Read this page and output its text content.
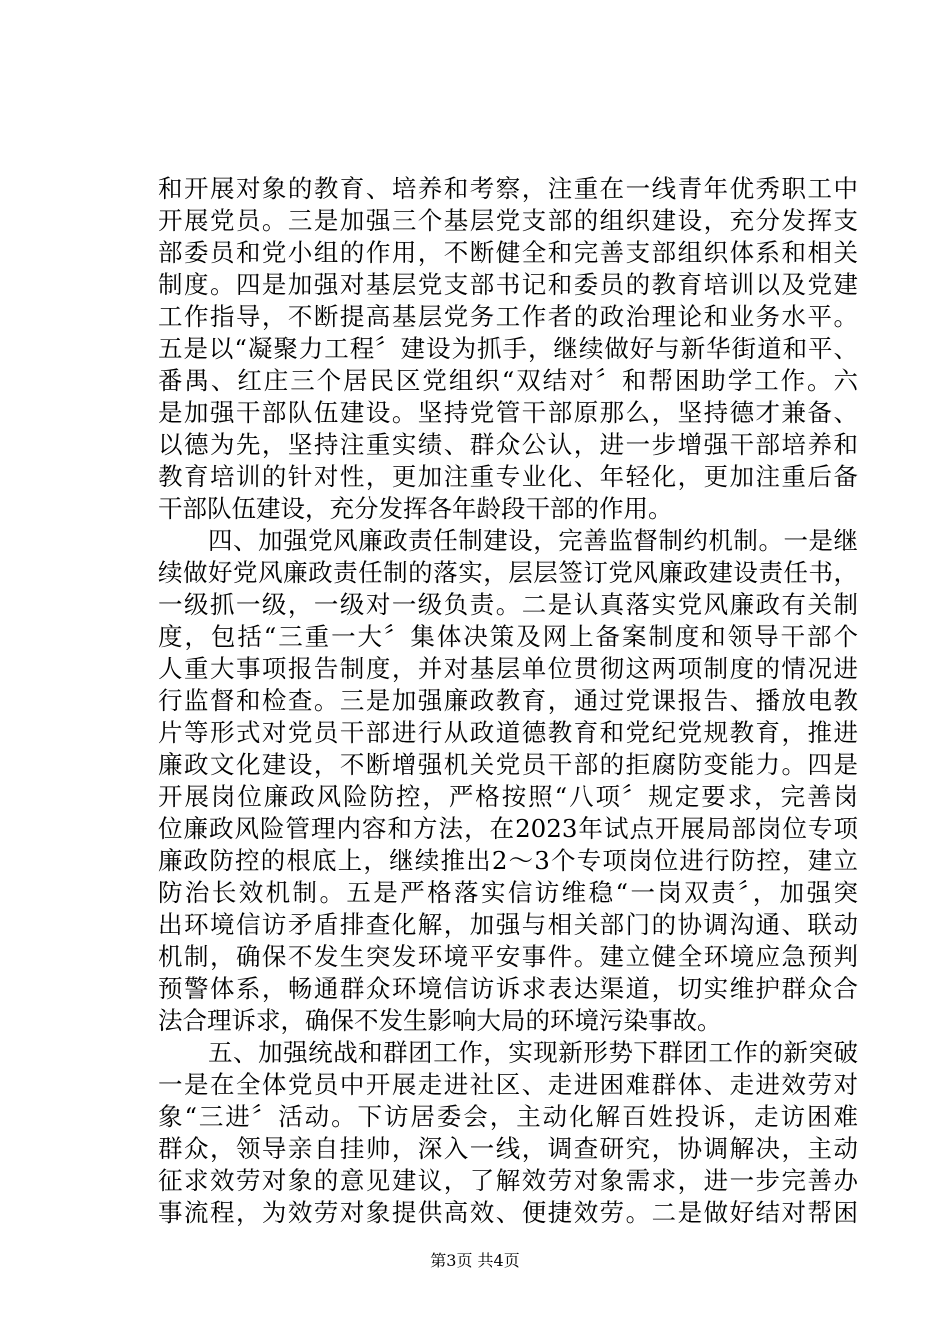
和开展对象的教育、培养和考察，注重在一线青年优秀职工中
开展党员。三是加强三个基层党支部的组织建设，充分发挥支
部委员和党小组的作用，不断健全和完善支部组织体系和相关
制度。四是加强对基层党支部书记和委员的教育培训以及党建
工作指导，不断提高基层党务工作者的政治理论和业务水平。
五是以“凝聚力工程〞建设为抓手，继续做好与新华街道和平、
番禺、红庄三个居民区党组织“双结对〞和帮困助学工作。六
是加强干部队伍建设。坚持党管干部原那么，坚持德才兼备、
以德为先，坚持注重实绩、群众公认，进一步增强干部培养和
教育培训的针对性，更加注重专业化、年轻化，更加注重后备
干部队伍建设，充分发挥各年龄段干部的作用。
　　四、加强党风廉政责任制建设，完善监督制约机制。一是继
续做好党风廉政责任制的落实，层层签订党风廉政建设责任书，
一级抓一级，一级对一级负责。二是认真落实党风廉政有关制
度，包括“三重一大〞集体决策及网上备案制度和领导干部个
人重大事项报告制度，并对基层单位贯彻这两项制度的情况进
行监督和检查。三是加强廉政教育，通过党课报告、播放电教
片等形式对党员干部进行从政道德教育和党纪党规教育，推进
廉政文化建设，不断增强机关党员干部的拒腐防变能力。四是
开展岗位廉政风险防控，严格按照“八项〞规定要求，完善岗
位廉政风险管理内容和方法，在2023年试点开展局部岗位专项
廉政防控的根底上，继续推出2～3个专项岗位进行防控，建立
防治长效机制。五是严格落实信访维稳“一岗双责〞，加强突
出环境信访矛盾排查化解，加强与相关部门的协调沟通、联动
机制，确保不发生突发环境平安事件。建立健全环境应急预判
预警体系，畅通群众环境信访诉求表达渠道，切实维护群众合
法合理诉求，确保不发生影响大局的环境污染事故。
　　五、加强统战和群团工作，实现新形势下群团工作的新突破
一是在全体党员中开展走进社区、走进困难群体、走进效劳对
象“三进〞活动。下访居委会，主动化解百姓投诉，走访困难
群众，领导亲自挂帅，深入一线，调查研究，协调解决，主动
征求效劳对象的意见建议，了解效劳对象需求，进一步完善办
事流程，为效劳对象提供高效、便捷效劳。二是做好结对帮困
第3页 共4页
